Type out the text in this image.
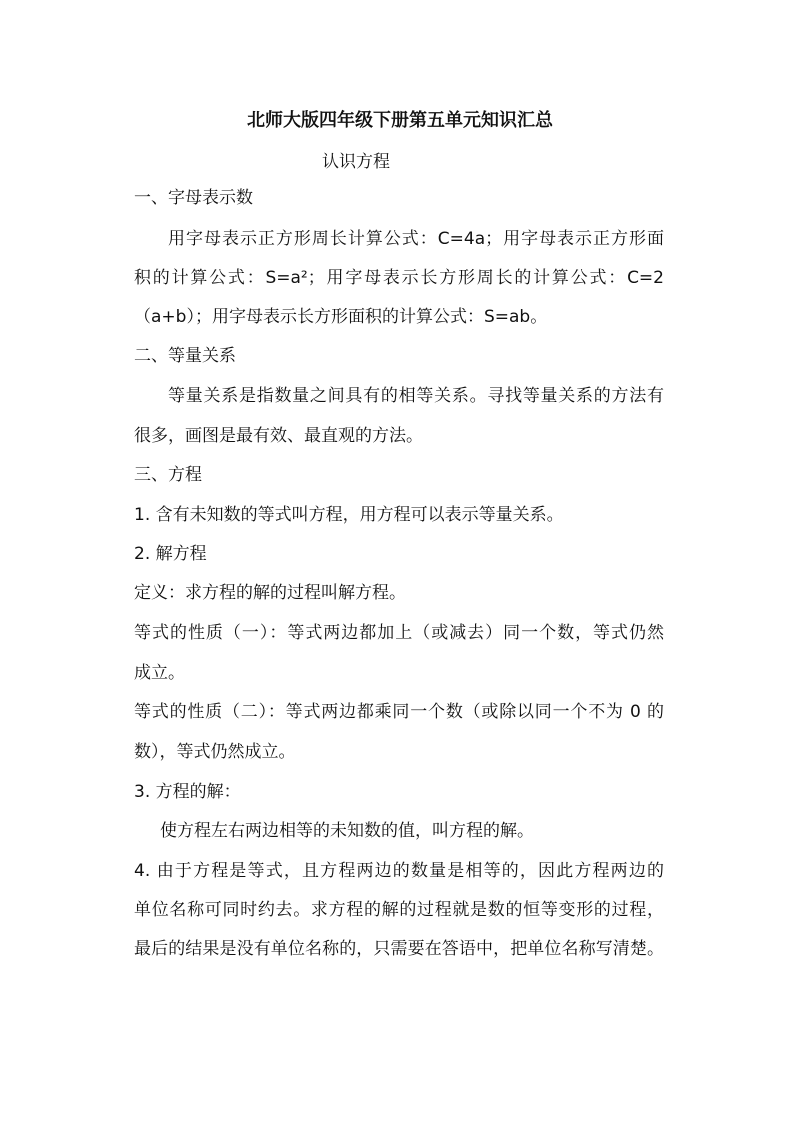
北师大版四年级下册第五单元知识汇总

认识方程

一、字母表示数

用字母表示正方形周长计算公式：C=4a；用字母表示正方形面

积的计算公式：S=a²；用字母表示长方形周长的计算公式：C=2

（a+b）；用字母表示长方形面积的计算公式：S=ab。

二、等量关系

等量关系是指数量之间具有的相等关系。寻找等量关系的方法有

很多，画图是最有效、最直观的方法。

三、方程

1. 含有未知数的等式叫方程，用方程可以表示等量关系。

2. 解方程

定义：求方程的解的过程叫解方程。

等式的性质（一）：等式两边都加上（或减去）同一个数，等式仍然

成立。

等式的性质（二）：等式两边都乘同一个数（或除以同一个不为 0 的

数），等式仍然成立。

3. 方程的解：

使方程左右两边相等的未知数的值，叫方程的解。

4. 由于方程是等式，且方程两边的数量是相等的，因此方程两边的

单位名称可同时约去。求方程的解的过程就是数的恒等变形的过程，

最后的结果是没有单位名称的，只需要在答语中，把单位名称写清楚。
